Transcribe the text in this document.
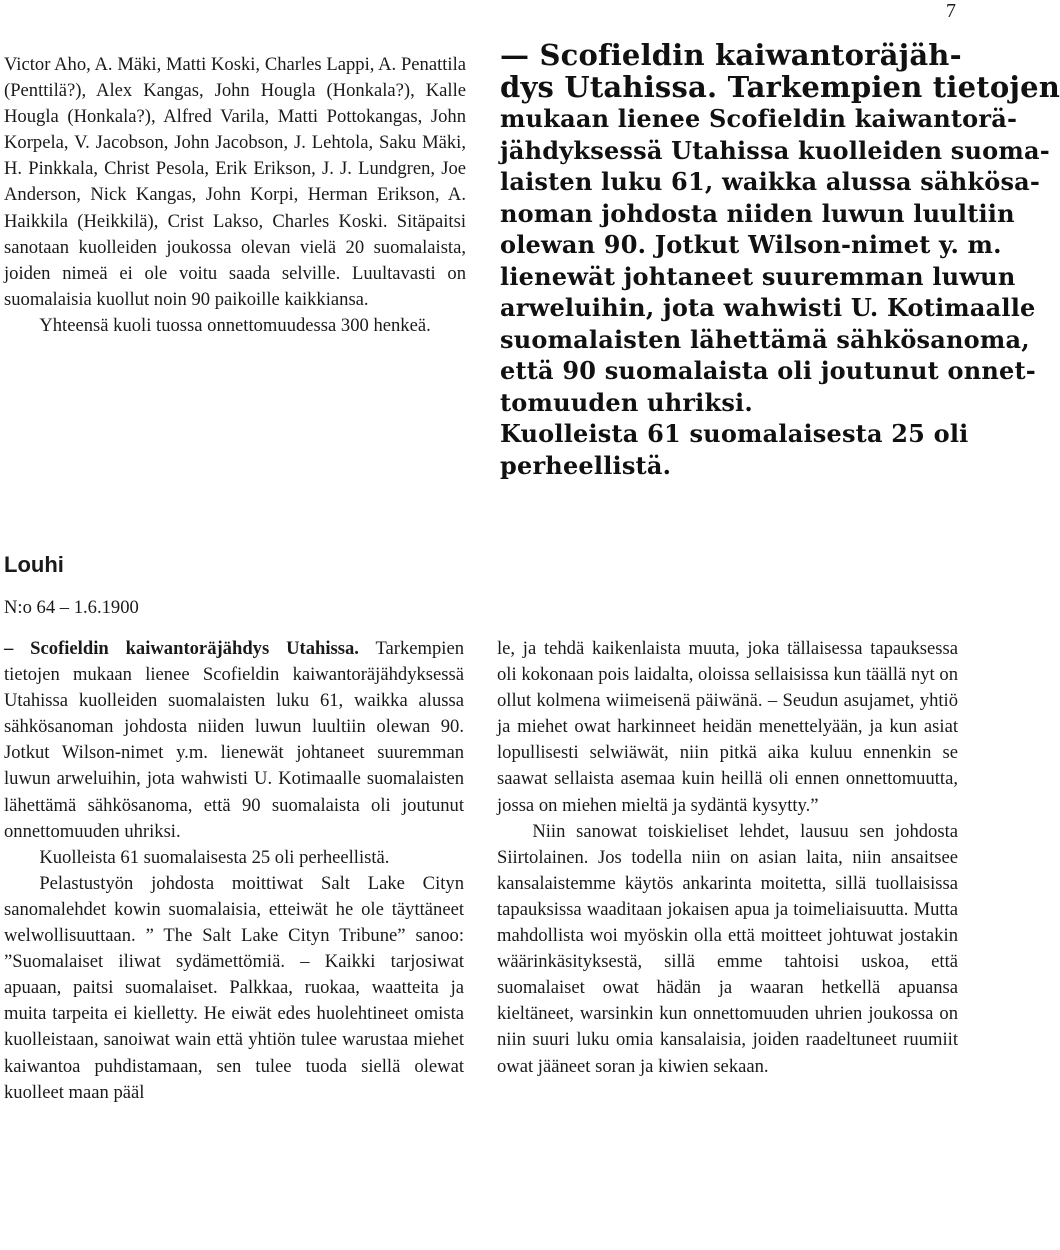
7

Victor Aho, A. Mäki, Matti Koski, Charles Lappi, A. Penattila (Penttilä?), Alex Kangas, John Hougla (Honkala?), Kalle Hougla (Honkala?), Alfred Varila, Matti Pottokangas, John Korpela, V. Jacobson, John Jacobson, J. Lehtola, Saku Mäki, H. Pinkkala, Christ Pesola, Erik Erikson, J. J. Lundgren, Joe Anderson, Nick Kangas, John Korpi, Herman Erikson, A. Haikkila (Heikkilä), Crist Lakso, Charles Koski. Sitäpaitsi sanotaan kuolleiden joukossa olevan vielä 20 suomalaista, joiden nimeä ei ole voitu saada selville. Luultavasti on suomalaisia kuollut noin 90 paikoille kaikkiansa.

Yhteensä kuoli tuossa onnettomuudessa 300 henkeä.

— Scofieldin kaiwantoräjäh-
dys Utahissa. Tarkempien tietojen
mukaan lienee Scofieldin kaiwantorä-
jähdyksessä Utahissa kuolleiden suoma-
laisten luku 61, waikka alussa sähkösa-
noman johdosta niiden luwun luultiin
olewan 90. Jotkut Wilson-nimet y. m.
lienewät johtaneet suuremman luwun
arweluihin, jota wahwisti U. Kotimaalle
suomalaisten lähettämä sähkösanoma,
että 90 suomalaista oli joutunut onnet-
tomuuden uhriksi.
Kuolleista 61 suomalaisesta 25 oli
perheellistä.
Louhi
N:o 64 – 1.6.1900

– Scofieldin kaiwantoräjähdys Utahissa. Tarkempien tietojen mukaan lienee Scofieldin kaiwantoräjähdyksessä Utahissa kuolleiden suomalaisten luku 61, waikka alussa sähkösanoman johdosta niiden luwun luultiin olewan 90. Jotkut Wilson-nimet y.m. lienewät johtaneet suuremman luwun arweluihin, jota wahwisti U. Kotimaalle suomalaisten lähettämä sähkösanoma, että 90 suomalaista oli joutunut onnettomuuden uhriksi.

Kuolleista 61 suomalaisesta 25 oli perheellistä.

Pelastustyön johdosta moittiwat Salt Lake Cityn sanomalehdet kowin suomalaisia, etteiwät he ole täyttäneet welwollisuuttaan. ” The Salt Lake Cityn Tribune” sanoo: ”Suomalaiset iliwat sydämettömiä. – Kaikki tarjosiwat apuaan, paitsi suomalaiset. Palkkaa, ruokaa, waatteita ja muita tarpeita ei kielletty. He eiwät edes huolehtineet omista kuolleistaan, sanoiwat wain että yhtiön tulee warustaa miehet kaiwantoa puhdistamaan, sen tulee tuoda siellä olewat kuolleet maan pääl

le, ja tehdä kaikenlaista muuta, joka tällaisessa tapauksessa oli kokonaan pois laidalta, oloissa sellaisissa kun täällä nyt on ollut kolmena wiimeisenä päiwänä. – Seudun asujamet, yhtiö ja miehet owat harkinneet heidän menettelyään, ja kun asiat lopullisesti selwiäwät, niin pitkä aika kuluu ennenkin se saawat sellaista asemaa kuin heillä oli ennen onnettomuutta, jossa on miehen mieltä ja sydäntä kysytty.”

Niin sanowat toiskieliset lehdet, lausuu sen johdosta Siirtolainen. Jos todella niin on asian laita, niin ansaitsee kansalaistemme käytös ankarinta moitetta, sillä tuollaisissa tapauksissa waaditaan jokaisen apua ja toimeliaisuutta. Mutta mahdollista woi myöskin olla että moitteet johtuwat jostakin wäärinkäsityksestä, sillä emme tahtoisi uskoa, että suomalaiset owat hädän ja waaran hetkellä apuansa kieltäneet, warsinkin kun onnettomuuden uhrien joukossa on niin suuri luku omia kansalaisia, joiden raadeltuneet ruumiit owat jääneet soran ja kiwien sekaan.
